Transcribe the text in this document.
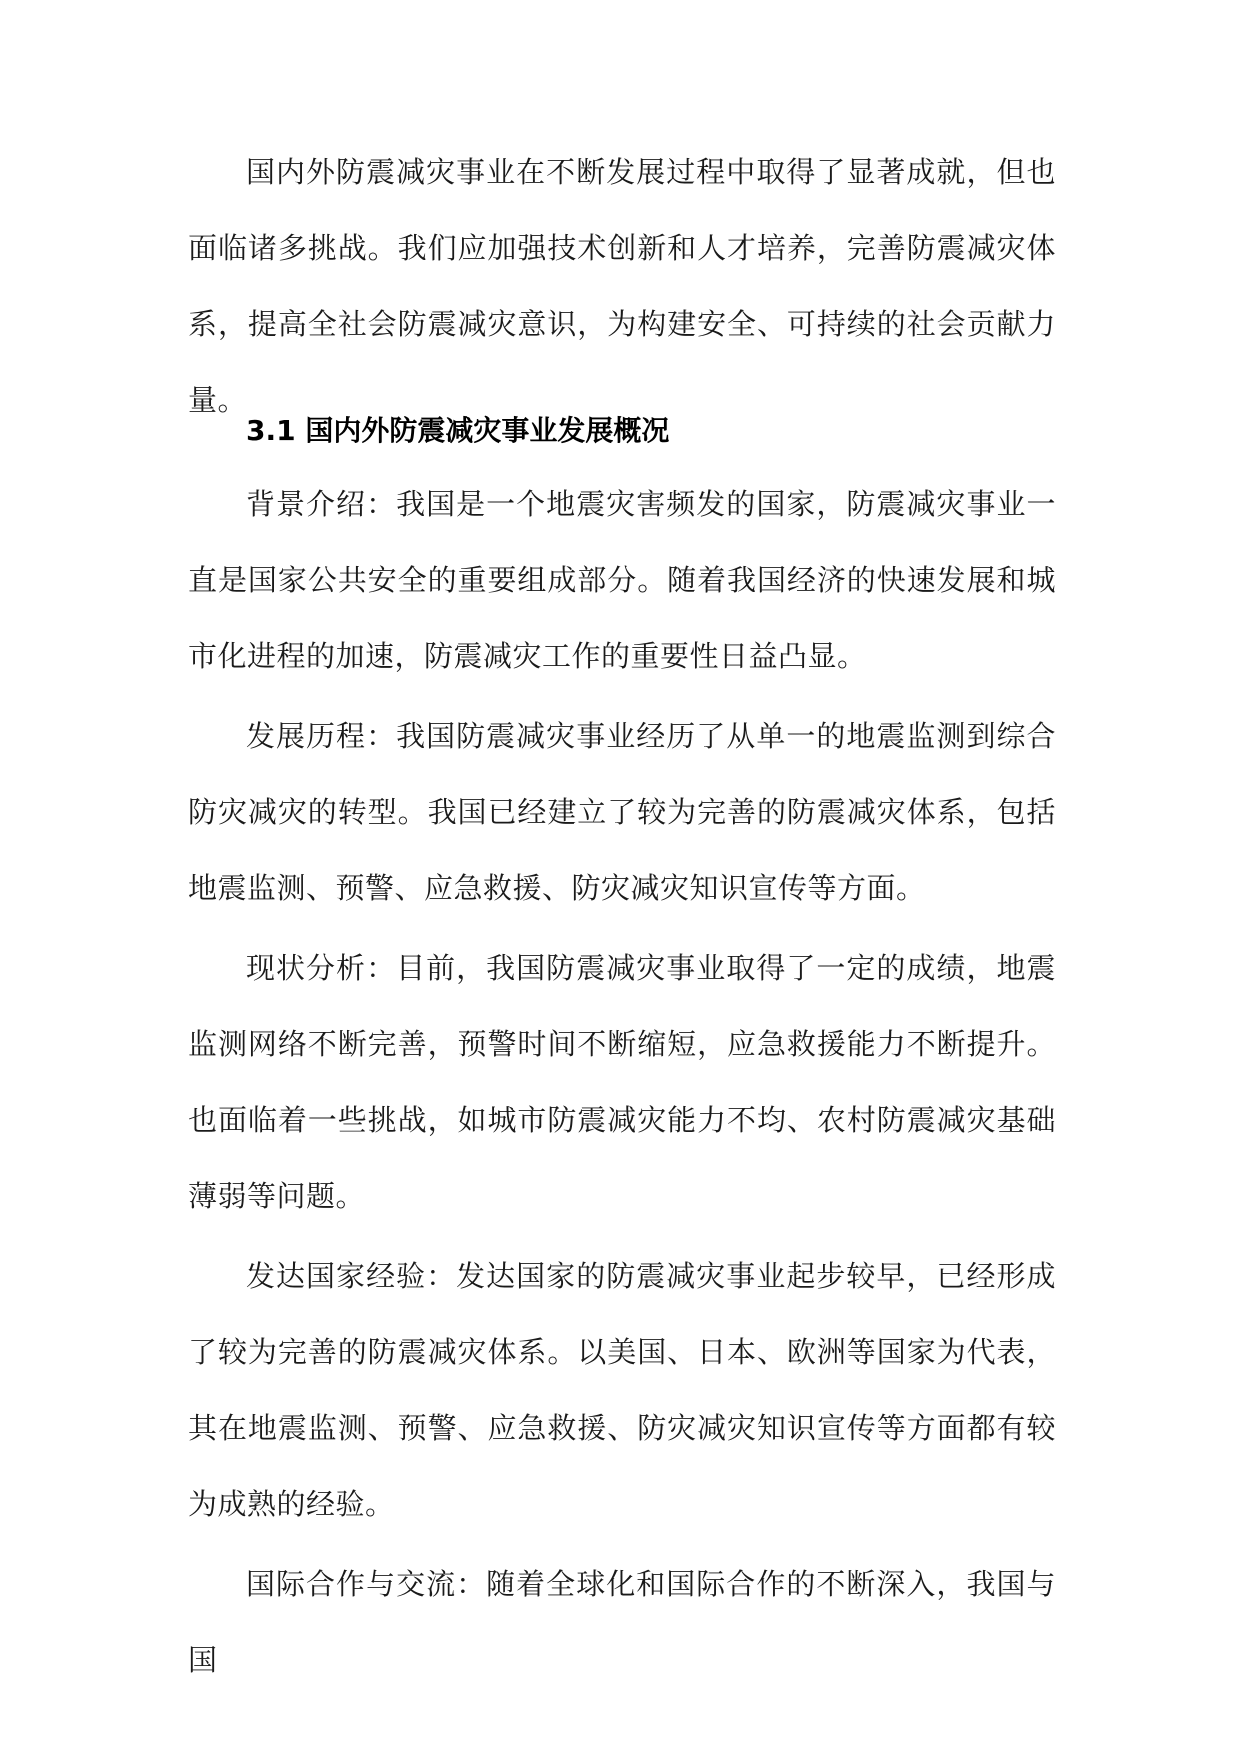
国内外防震减灾事业在不断发展过程中取得了显著成就，但也面临诸多挑战。我们应加强技术创新和人才培养，完善防震减灾体系，提高全社会防震减灾意识，为构建安全、可持续的社会贡献力量。

3.1 国内外防震减灾事业发展概况

背景介绍：我国是一个地震灾害频发的国家，防震减灾事业一直是国家公共安全的重要组成部分。随着我国经济的快速发展和城市化进程的加速，防震减灾工作的重要性日益凸显。

发展历程：我国防震减灾事业经历了从单一的地震监测到综合防灾减灾的转型。我国已经建立了较为完善的防震减灾体系，包括地震监测、预警、应急救援、防灾减灾知识宣传等方面。

现状分析：目前，我国防震减灾事业取得了一定的成绩，地震监测网络不断完善，预警时间不断缩短，应急救援能力不断提升。也面临着一些挑战，如城市防震减灾能力不均、农村防震减灾基础薄弱等问题。

发达国家经验：发达国家的防震减灾事业起步较早，已经形成了较为完善的防震减灾体系。以美国、日本、欧洲等国家为代表，其在地震监测、预警、应急救援、防灾减灾知识宣传等方面都有较为成熟的经验。

国际合作与交流：随着全球化和国际合作的不断深入，我国与国
